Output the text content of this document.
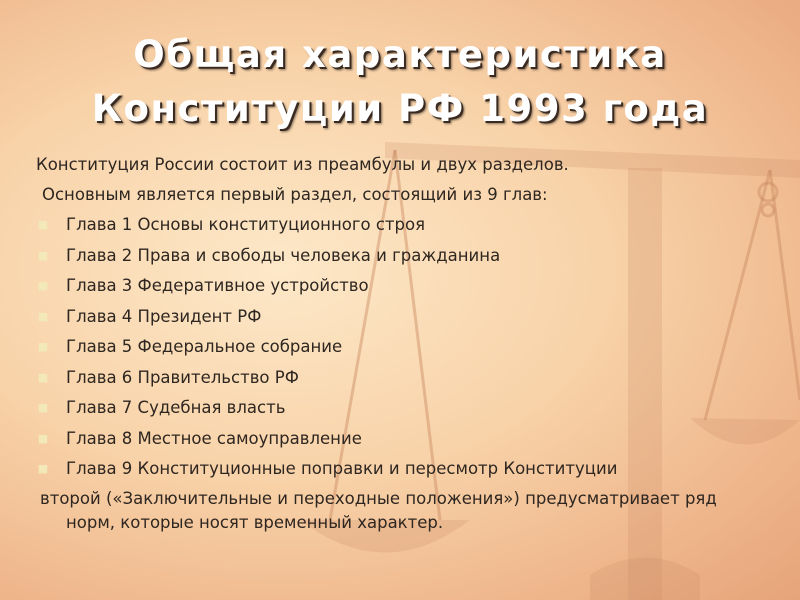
Общая характеристика
Конституции РФ 1993 года

Конституция России состоит из преамбулы и двух разделов.

Основным является первый раздел, состоящий из 9 глав:

■ Глава 1 Основы конституционного строя
■ Глава 2 Права и свободы человека и гражданина
■ Глава 3 Федеративное устройство
■ Глава 4 Президент РФ
■ Глава 5 Федеральное собрание
■ Глава 6 Правительство РФ
■ Глава 7 Судебная власть
■ Глава 8 Местное самоуправление
■ Глава 9 Конституционные поправки и пересмотр Конституции

второй («Заключительные и переходные положения») предусматривает ряд норм, которые носят временный характер.
